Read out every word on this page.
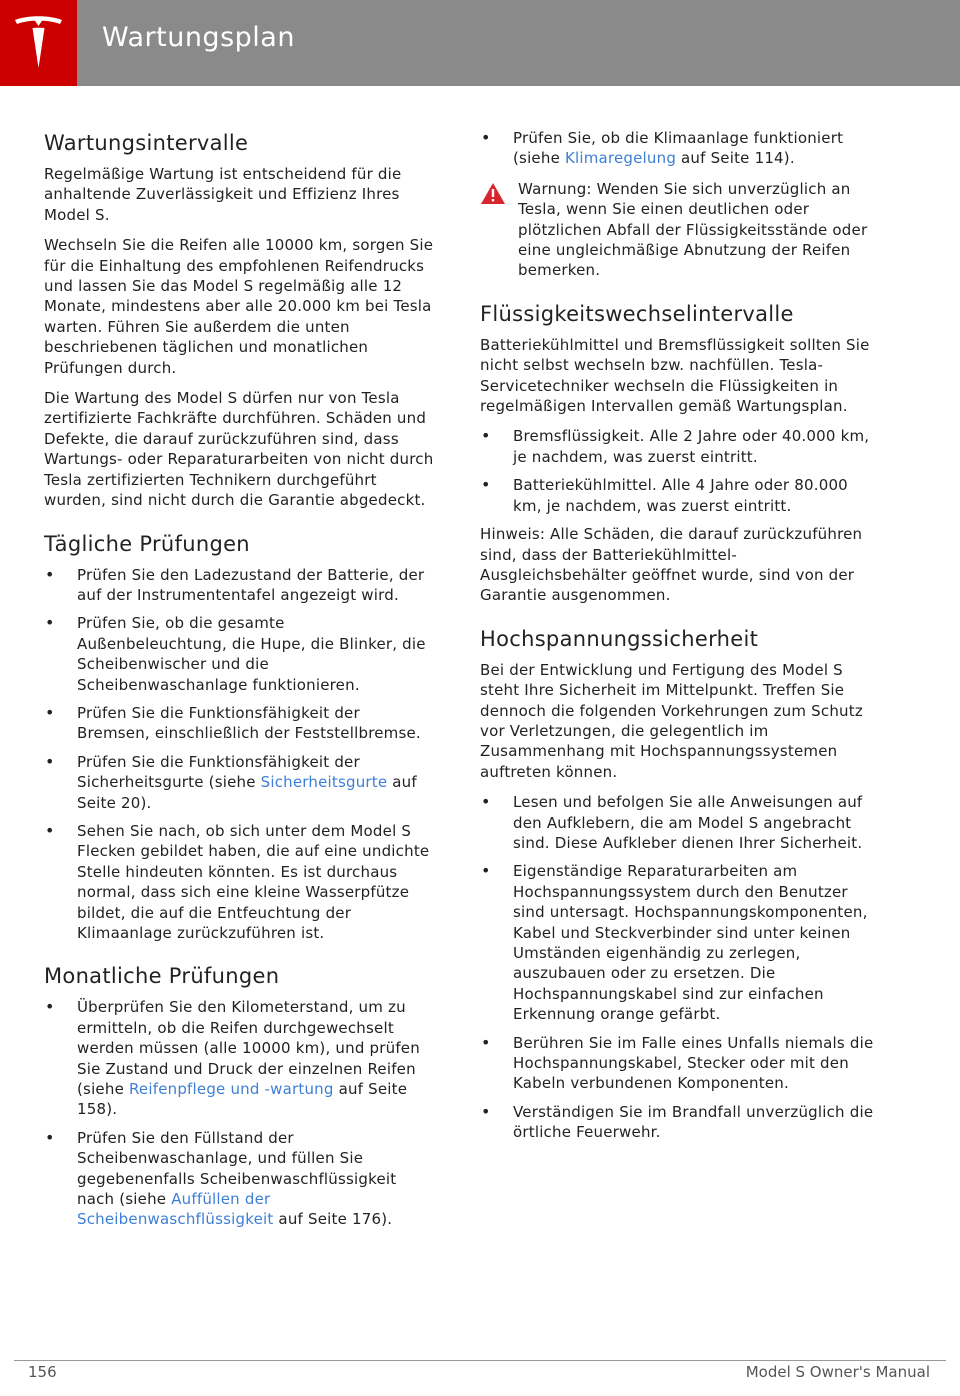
Wartungsplan
Wartungsintervalle

Regelmäßige Wartung ist entscheidend für die anhaltende Zuverlässigkeit und Effizienz Ihres Model S.

Wechseln Sie die Reifen alle 10000 km, sorgen Sie für die Einhaltung des empfohlenen Reifendrucks und lassen Sie das Model S regelmäßig alle 12 Monate, mindestens aber alle 20.000 km bei Tesla warten. Führen Sie außerdem die unten beschriebenen täglichen und monatlichen Prüfungen durch.

Die Wartung des Model S dürfen nur von Tesla zertifizierte Fachkräfte durchführen. Schäden und Defekte, die darauf zurückzuführen sind, dass Wartungs- oder Reparaturarbeiten von nicht durch Tesla zertifizierten Technikern durchgeführt wurden, sind nicht durch die Garantie abgedeckt.

Tägliche Prüfungen
• Prüfen Sie den Ladezustand der Batterie, der auf der Instrumententafel angezeigt wird.
• Prüfen Sie, ob die gesamte Außenbeleuchtung, die Hupe, die Blinker, die Scheibenwischer und die Scheibenwaschanlage funktionieren.
• Prüfen Sie die Funktionsfähigkeit der Bremsen, einschließlich der Feststellbremse.
• Prüfen Sie die Funktionsfähigkeit der Sicherheitsgurte (siehe Sicherheitsgurte auf Seite 20).
• Sehen Sie nach, ob sich unter dem Model S Flecken gebildet haben, die auf eine undichte Stelle hindeuten könnten. Es ist durchaus normal, dass sich eine kleine Wasserpfütze bildet, die auf die Entfeuchtung der Klimaanlage zurückzuführen ist.
Monatliche Prüfungen
• Überprüfen Sie den Kilometerstand, um zu ermitteln, ob die Reifen durchgewechselt werden müssen (alle 10000 km), und prüfen Sie Zustand und Druck der einzelnen Reifen (siehe Reifenpflege und -wartung auf Seite 158).
• Prüfen Sie den Füllstand der Scheibenwaschanlage, und füllen Sie gegebenenfalls Scheibenwaschflüssigkeit nach (siehe Auffüllen der Scheibenwaschflüssigkeit auf Seite 176).
• Prüfen Sie, ob die Klimaanlage funktioniert (siehe Klimaregelung auf Seite 114).

Warnung: Wenden Sie sich unverzüglich an Tesla, wenn Sie einen deutlichen oder plötzlichen Abfall der Flüssigkeitsstände oder eine ungleichmäßige Abnutzung der Reifen bemerken.

Flüssigkeitswechselintervalle

Batteriekühlmittel und Bremsflüssigkeit sollten Sie nicht selbst wechseln bzw. nachfüllen. Tesla-Servicetechniker wechseln die Flüssigkeiten in regelmäßigen Intervallen gemäß Wartungsplan.

• Bremsflüssigkeit. Alle 2 Jahre oder 40.000 km, je nachdem, was zuerst eintritt.
• Batteriekühlmittel. Alle 4 Jahre oder 80.000 km, je nachdem, was zuerst eintritt.

Hinweis: Alle Schäden, die darauf zurückzuführen sind, dass der Batteriekühlmittel-Ausgleichsbehälter geöffnet wurde, sind von der Garantie ausgenommen.

Hochspannungssicherheit

Bei der Entwicklung und Fertigung des Model S steht Ihre Sicherheit im Mittelpunkt. Treffen Sie dennoch die folgenden Vorkehrungen zum Schutz vor Verletzungen, die gelegentlich im Zusammenhang mit Hochspannungssystemen auftreten können.

• Lesen und befolgen Sie alle Anweisungen auf den Aufklebern, die am Model S angebracht sind. Diese Aufkleber dienen Ihrer Sicherheit.
• Eigenständige Reparaturarbeiten am Hochspannungssystem durch den Benutzer sind untersagt. Hochspannungskomponenten, Kabel und Steckverbinder sind unter keinen Umständen eigenhändig zu zerlegen, auszubauen oder zu ersetzen. Die Hochspannungskabel sind zur einfachen Erkennung orange gefärbt.
• Berühren Sie im Falle eines Unfalls niemals die Hochspannungskabel, Stecker oder mit den Kabeln verbundenen Komponenten.
• Verständigen Sie im Brandfall unverzüglich die örtliche Feuerwehr.
156	Model S Owner's Manual
